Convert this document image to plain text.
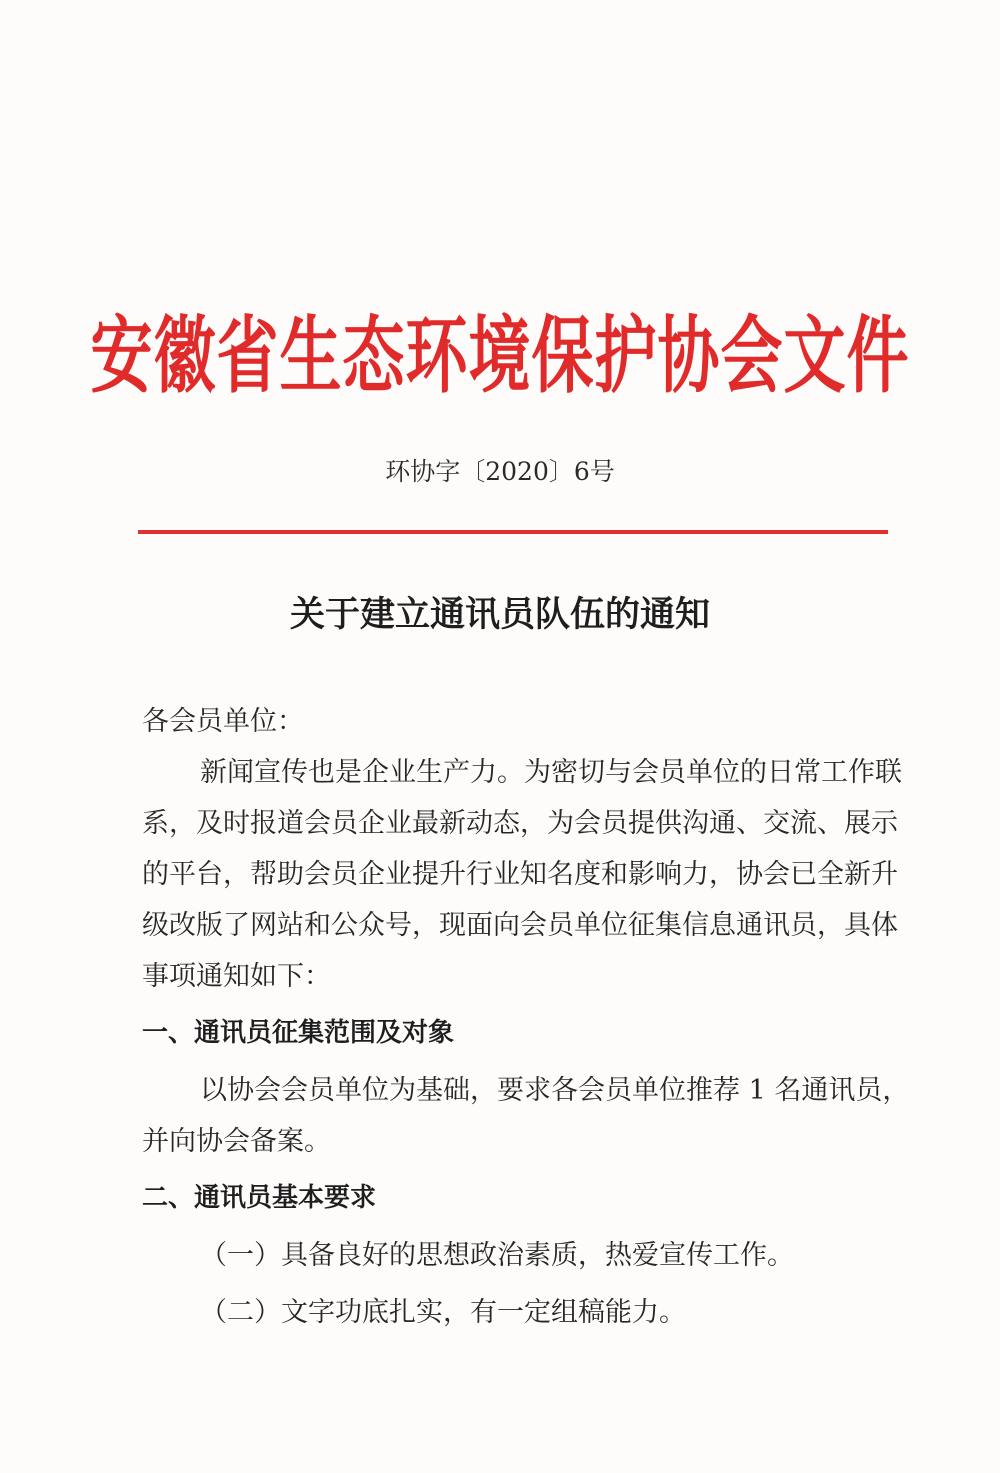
安徽省生态环境保护协会文件
环协字〔2020〕6号
关于建立通讯员队伍的通知
各会员单位：
新闻宣传也是企业生产力。为密切与会员单位的日常工作联
系，及时报道会员企业最新动态，为会员提供沟通、交流、展示
的平台，帮助会员企业提升行业知名度和影响力，协会已全新升
级改版了网站和公众号，现面向会员单位征集信息通讯员，具体
事项通知如下：
一、通讯员征集范围及对象
以协会会员单位为基础，要求各会员单位推荐 1 名通讯员，
并向协会备案。
二、通讯员基本要求
（一）具备良好的思想政治素质，热爱宣传工作。
（二）文字功底扎实，有一定组稿能力。
